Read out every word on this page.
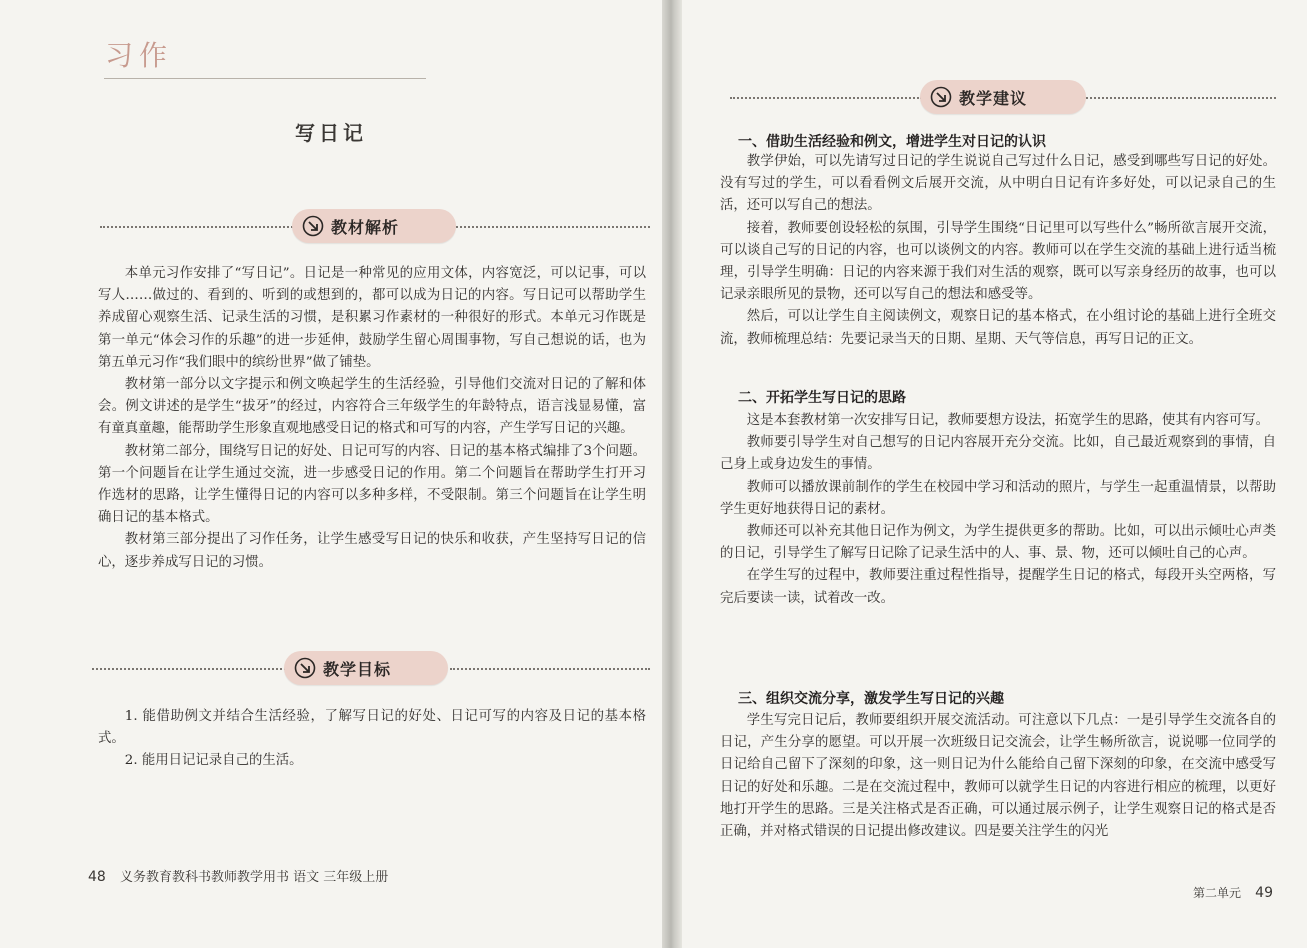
习作
写日记
教材解析

本单元习作安排了“写日记”。日记是一种常见的应用文体，内容宽泛，可以记事，可以写人……做过的、看到的、听到的或想到的，都可以成为日记的内容。写日记可以帮助学生养成留心观察生活、记录生活的习惯，是积累习作素材的一种很好的形式。本单元习作既是第一单元“体会习作的乐趣”的进一步延伸，鼓励学生留心周围事物，写自己想说的话，也为第五单元习作“我们眼中的缤纷世界”做了铺垫。

教材第一部分以文字提示和例文唤起学生的生活经验，引导他们交流对日记的了解和体会。例文讲述的是学生“拔牙”的经过，内容符合三年级学生的年龄特点，语言浅显易懂，富有童真童趣，能帮助学生形象直观地感受日记的格式和可写的内容，产生学写日记的兴趣。

教材第二部分，围绕写日记的好处、日记可写的内容、日记的基本格式编排了3个问题。第一个问题旨在让学生通过交流，进一步感受日记的作用。第二个问题旨在帮助学生打开习作选材的思路，让学生懂得日记的内容可以多种多样，不受限制。第三个问题旨在让学生明确日记的基本格式。

教材第三部分提出了习作任务，让学生感受写日记的快乐和收获，产生坚持写日记的信心，逐步养成写日记的习惯。

教学目标

1. 能借助例文并结合生活经验，了解写日记的好处、日记可写的内容及日记的基本格式。

2. 能用日记记录自己的生活。

48 义务教育教科书教师教学用书 语文 三年级上册
教学建议
一、借助生活经验和例文，增进学生对日记的认识

教学伊始，可以先请写过日记的学生说说自己写过什么日记，感受到哪些写日记的好处。没有写过的学生，可以看看例文后展开交流，从中明白日记有许多好处，可以记录自己的生活，还可以写自己的想法。

接着，教师要创设轻松的氛围，引导学生围绕“日记里可以写些什么”畅所欲言展开交流，可以谈自己写的日记的内容，也可以谈例文的内容。教师可以在学生交流的基础上进行适当梳理，引导学生明确：日记的内容来源于我们对生活的观察，既可以写亲身经历的故事，也可以记录亲眼所见的景物，还可以写自己的想法和感受等。

然后，可以让学生自主阅读例文，观察日记的基本格式，在小组讨论的基础上进行全班交流，教师梳理总结：先要记录当天的日期、星期、天气等信息，再写日记的正文。

二、开拓学生写日记的思路

这是本套教材第一次安排写日记，教师要想方设法，拓宽学生的思路，使其有内容可写。

教师要引导学生对自己想写的日记内容展开充分交流。比如，自己最近观察到的事情，自己身上或身边发生的事情。

教师可以播放课前制作的学生在校园中学习和活动的照片，与学生一起重温情景，以帮助学生更好地获得日记的素材。

教师还可以补充其他日记作为例文，为学生提供更多的帮助。比如，可以出示倾吐心声类的日记，引导学生了解写日记除了记录生活中的人、事、景、物，还可以倾吐自己的心声。

在学生写的过程中，教师要注重过程性指导，提醒学生日记的格式，每段开头空两格，写完后要读一读，试着改一改。

三、组织交流分享，激发学生写日记的兴趣

学生写完日记后，教师要组织开展交流活动。可注意以下几点：一是引导学生交流各自的日记，产生分享的愿望。可以开展一次班级日记交流会，让学生畅所欲言，说说哪一位同学的日记给自己留下了深刻的印象，这一则日记为什么能给自己留下深刻的印象，在交流中感受写日记的好处和乐趣。二是在交流过程中，教师可以就学生日记的内容进行相应的梳理，以更好地打开学生的思路。三是关注格式是否正确，可以通过展示例子，让学生观察日记的格式是否正确，并对格式错误的日记提出修改建议。四是要关注学生的闪光

第二单元 49
